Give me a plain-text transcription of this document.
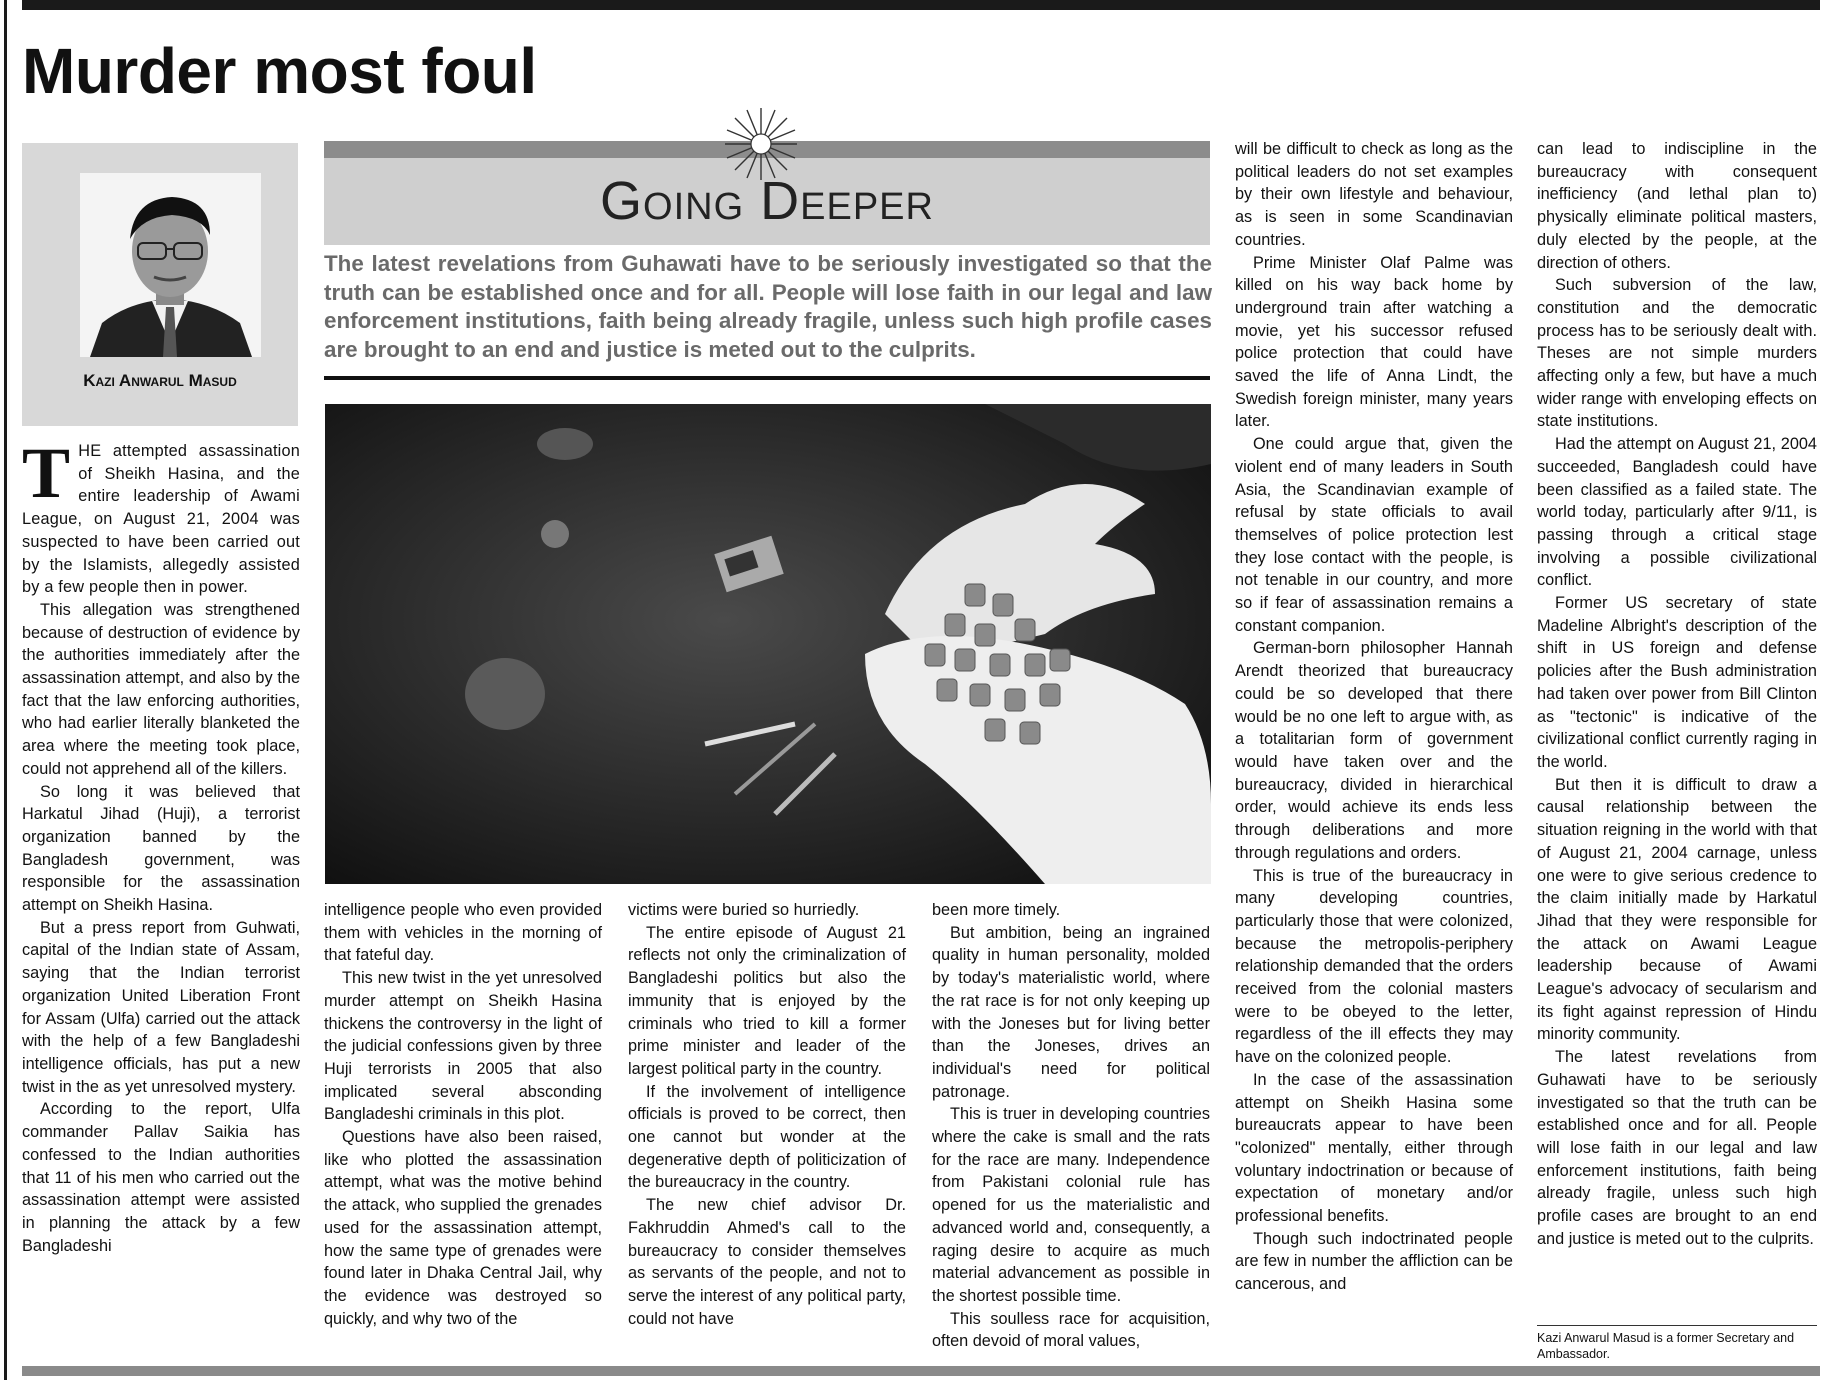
Murder most foul
Kazi Anwarul Masud

THE attempted assassination of Sheikh Hasina, and the entire leadership of Awami League, on August 21, 2004 was suspected to have been carried out by the Islamists, allegedly assisted by a few people then in power.

This allegation was strengthened because of destruction of evidence by the authorities immediately after the assassination attempt, and also by the fact that the law enforcing authorities, who had earlier literally blanketed the area where the meeting took place, could not apprehend all of the killers.

So long it was believed that Harkatul Jihad (Huji), a terrorist organization banned by the Bangladesh government, was responsible for the assassination attempt on Sheikh Hasina.

But a press report from Guhwati, capital of the Indian state of Assam, saying that the Indian terrorist organization United Liberation Front for Assam (Ulfa) carried out the attack with the help of a few Bangladeshi intelligence officials, has put a new twist in the as yet unresolved mystery.

According to the report, Ulfa commander Pallav Saikia has confessed to the Indian authorities that 11 of his men who carried out the assassination attempt were assisted in planning the attack by a few Bangladeshi

Going Deeper
The latest revelations from Guhawati have to be seriously investigated so that the truth can be established once and for all. People will lose faith in our legal and law enforcement institutions, faith being already fragile, unless such high profile cases are brought to an end and justice is meted out to the culprits.

intelligence people who even provided them with vehicles in the morning of that fateful day.

This new twist in the yet unresolved murder attempt on Sheikh Hasina thickens the controversy in the light of the judicial confessions given by three Huji terrorists in 2005 that also implicated several absconding Bangladeshi criminals in this plot.

Questions have also been raised, like who plotted the assassination attempt, what was the motive behind the attack, who supplied the grenades used for the assassination attempt, how the same type of grenades were found later in Dhaka Central Jail, why the evidence was destroyed so quickly, and why two of the

victims were buried so hurriedly.

The entire episode of August 21 reflects not only the criminalization of Bangladeshi politics but also the immunity that is enjoyed by the criminals who tried to kill a former prime minister and leader of the largest political party in the country.

If the involvement of intelligence officials is proved to be correct, then one cannot but wonder at the degenerative depth of politicization of the bureaucracy in the country.

The new chief advisor Dr. Fakhruddin Ahmed's call to the bureaucracy to consider themselves as servants of the people, and not to serve the interest of any political party, could not have

been more timely.

But ambition, being an ingrained quality in human personality, molded by today's materialistic world, where the rat race is for not only keeping up with the Joneses but for living better than the Joneses, drives an individual's need for political patronage.

This is truer in developing countries where the cake is small and the rats for the race are many. Independence from Pakistani colonial rule has opened for us the materialistic and advanced world and, consequently, a raging desire to acquire as much material advancement as possible in the shortest possible time.

This soulless race for acquisition, often devoid of moral values,

will be difficult to check as long as the political leaders do not set examples by their own lifestyle and behaviour, as is seen in some Scandinavian countries.

Prime Minister Olaf Palme was killed on his way back home by underground train after watching a movie, yet his successor refused police protection that could have saved the life of Anna Lindt, the Swedish foreign minister, many years later.

One could argue that, given the violent end of many leaders in South Asia, the Scandinavian example of refusal by state officials to avail themselves of police protection lest they lose contact with the people, is not tenable in our country, and more so if fear of assassination remains a constant companion.

German-born philosopher Hannah Arendt theorized that bureaucracy could be so developed that there would be no one left to argue with, as a totalitarian form of government would have taken over and the bureaucracy, divided in hierarchical order, would achieve its ends less through deliberations and more through regulations and orders.

This is true of the bureaucracy in many developing countries, particularly those that were colonized, because the metropolis-periphery relationship demanded that the orders received from the colonial masters were to be obeyed to the letter, regardless of the ill effects they may have on the colonized people.

In the case of the assassination attempt on Sheikh Hasina some bureaucrats appear to have been "colonized" mentally, either through voluntary indoctrination or because of expectation of monetary and/or professional benefits.

Though such indoctrinated people are few in number the affliction can be cancerous, and

can lead to indiscipline in the bureaucracy with consequent inefficiency (and lethal plan to) physically eliminate political masters, duly elected by the people, at the direction of others.

Such subversion of the law, constitution and the democratic process has to be seriously dealt with. Theses are not simple murders affecting only a few, but have a much wider range with enveloping effects on state institutions.

Had the attempt on August 21, 2004 succeeded, Bangladesh could have been classified as a failed state. The world today, particularly after 9/11, is passing through a critical stage involving a possible civilizational conflict.

Former US secretary of state Madeline Albright's description of the shift in US foreign and defense policies after the Bush administration had taken over power from Bill Clinton as "tectonic" is indicative of the civilizational conflict currently raging in the world.

But then it is difficult to draw a causal relationship between the situation reigning in the world with that of August 21, 2004 carnage, unless one were to give serious credence to the claim initially made by Harkatul Jihad that they were responsible for the attack on Awami League leadership because of Awami League's advocacy of secularism and its fight against repression of Hindu minority community.

The latest revelations from Guhawati have to be seriously investigated so that the truth can be established once and for all. People will lose faith in our legal and law enforcement institutions, faith being already fragile, unless such high profile cases are brought to an end and justice is meted out to the culprits.

Kazi Anwarul Masud is a former Secretary and Ambassador.
